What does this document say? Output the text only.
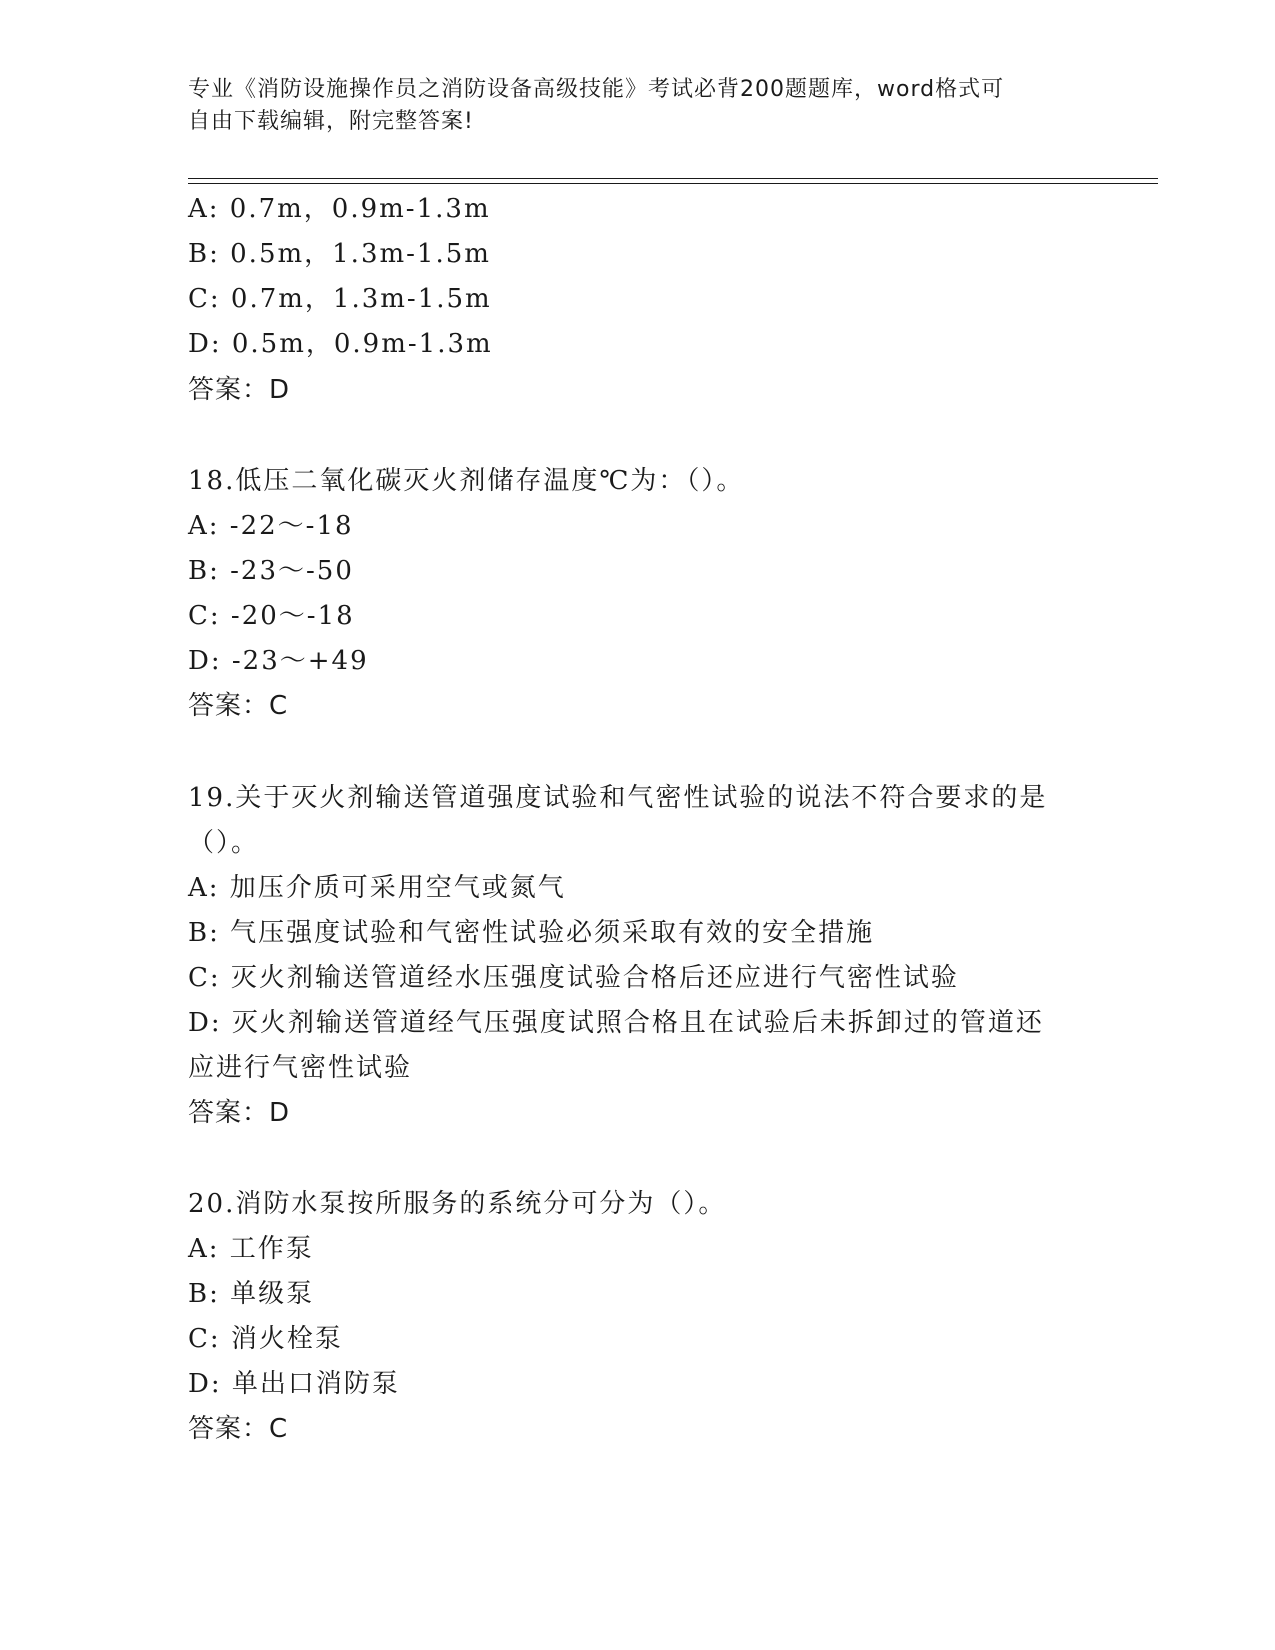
专业《消防设施操作员之消防设备高级技能》考试必背200题题库，word格式可
自由下载编辑，附完整答案!
A: 0.7m，0.9m-1.3m
B: 0.5m，1.3m-1.5m
C: 0.7m，1.3m-1.5m
D: 0.5m，0.9m-1.3m
答案：D
18.低压二氧化碳灭火剂储存温度℃为：（）。
A: -22～-18
B: -23～-50
C: -20～-18
D: -23～+49
答案：C
19.关于灭火剂输送管道强度试验和气密性试验的说法不符合要求的是
（）。
A: 加压介质可采用空气或氮气
B: 气压强度试验和气密性试验必须采取有效的安全措施
C: 灭火剂输送管道经水压强度试验合格后还应进行气密性试验
D: 灭火剂输送管道经气压强度试照合格且在试验后未拆卸过的管道还
应进行气密性试验
答案：D
20.消防水泵按所服务的系统分可分为（）。
A: 工作泵
B: 单级泵
C: 消火栓泵
D: 单出口消防泵
答案：C
